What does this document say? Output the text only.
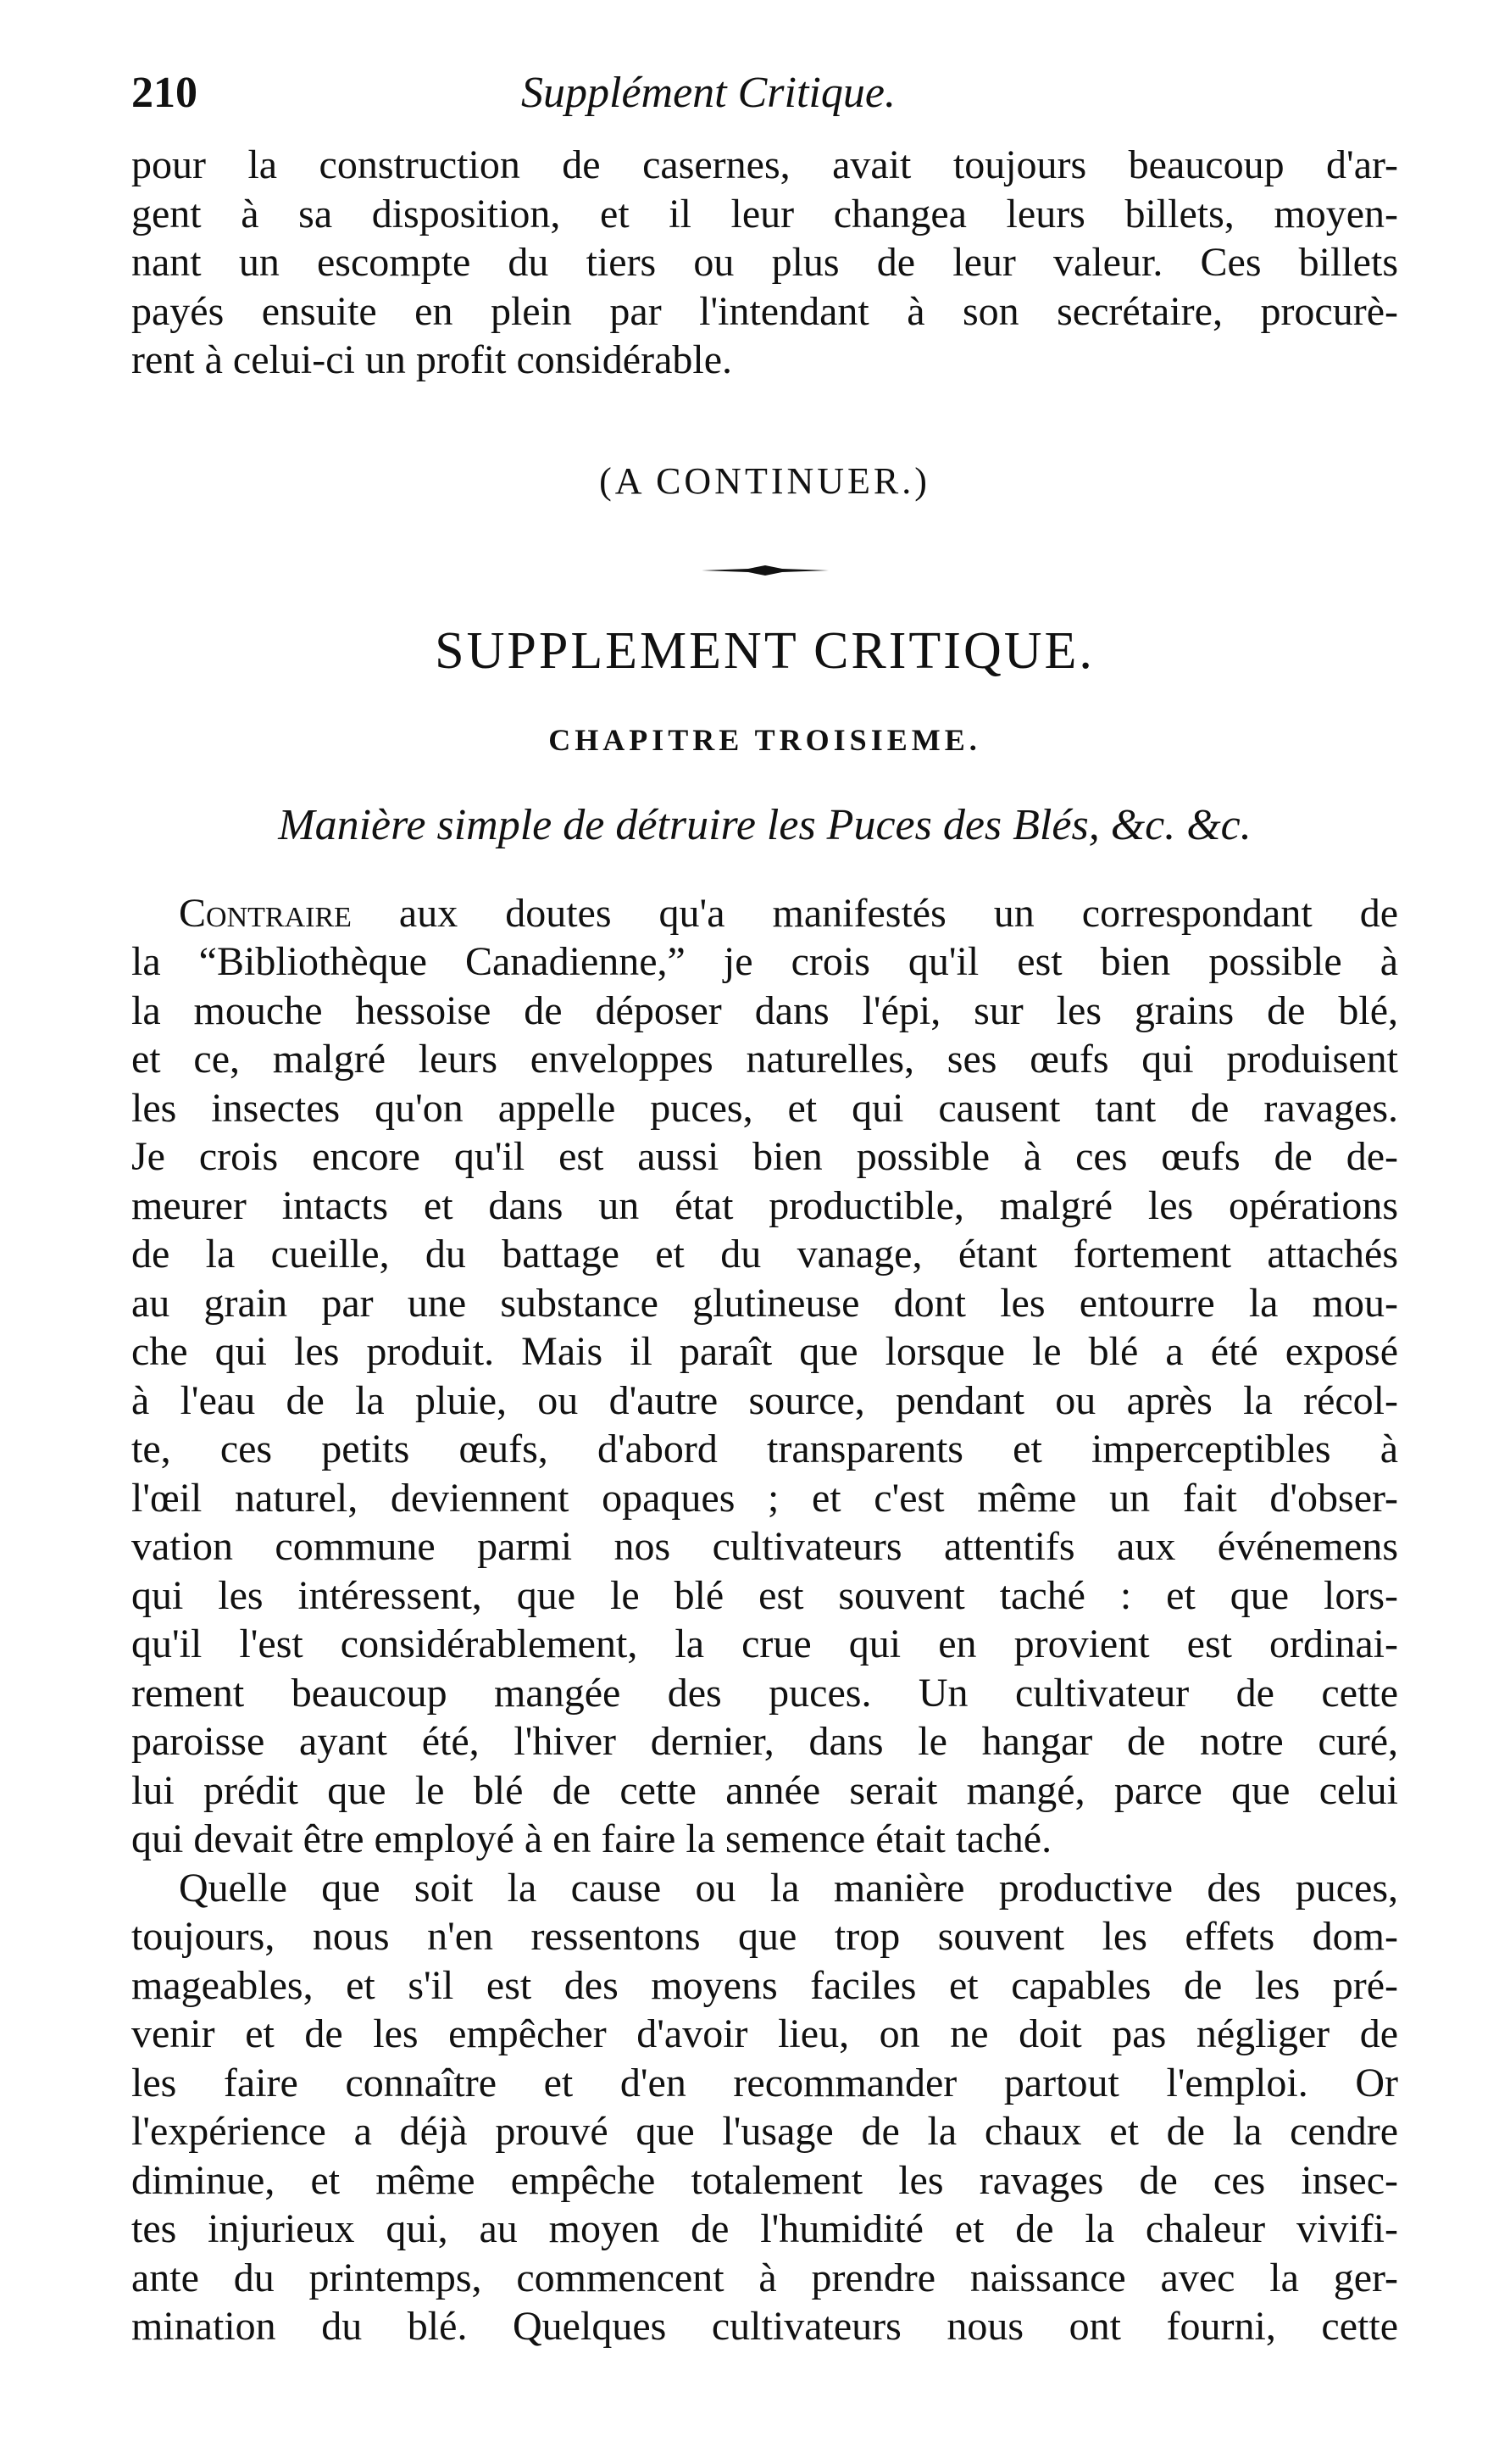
210	Supplément Critique.

pour la construction de casernes, avait toujours beaucoup d'ar-
gent à sa disposition, et il leur changea leurs billets, moyen-
nant un escompte du tiers ou plus de leur valeur. Ces billets
payés ensuite en plein par l'intendant à son secrétaire, procurè-
rent à celui-ci un profit considérable.

(A CONTINUER.)
SUPPLEMENT CRITIQUE.
CHAPITRE TROISIEME.
Manière simple de détruire les Puces des Blés, &c. &c.

Contraire aux doutes qu'a manifestés un correspondant de
la “Bibliothèque Canadienne,” je crois qu'il est bien possible à
la mouche hessoise de déposer dans l'épi, sur les grains de blé,
et ce, malgré leurs enveloppes naturelles, ses œufs qui produisent
les insectes qu'on appelle puces, et qui causent tant de ravages.
Je crois encore qu'il est aussi bien possible à ces œufs de de-
meurer intacts et dans un état productible, malgré les opérations
de la cueille, du battage et du vanage, étant fortement attachés
au grain par une substance glutineuse dont les entourre la mou-
che qui les produit. Mais il paraît que lorsque le blé a été exposé
à l'eau de la pluie, ou d'autre source, pendant ou après la récol-
te, ces petits œufs, d'abord transparents et imperceptibles à
l'œil naturel, deviennent opaques ; et c'est même un fait d'obser-
vation commune parmi nos cultivateurs attentifs aux événemens
qui les intéressent, que le blé est souvent taché : et que lors-
qu'il l'est considérablement, la crue qui en provient est ordinai-
rement beaucoup mangée des puces. Un cultivateur de cette
paroisse ayant été, l'hiver dernier, dans le hangar de notre curé,
lui prédit que le blé de cette année serait mangé, parce que celui
qui devait être employé à en faire la semence était taché.

Quelle que soit la cause ou la manière productive des puces,
toujours, nous n'en ressentons que trop souvent les effets dom-
mageables, et s'il est des moyens faciles et capables de les pré-
venir et de les empêcher d'avoir lieu, on ne doit pas négliger de
les faire connaître et d'en recommander partout l'emploi. Or
l'expérience a déjà prouvé que l'usage de la chaux et de la cendre
diminue, et même empêche totalement les ravages de ces insec-
tes injurieux qui, au moyen de l'humidité et de la chaleur vivifi-
ante du printemps, commencent à prendre naissance avec la ger-
mination du blé. Quelques cultivateurs nous ont fourni, cette
